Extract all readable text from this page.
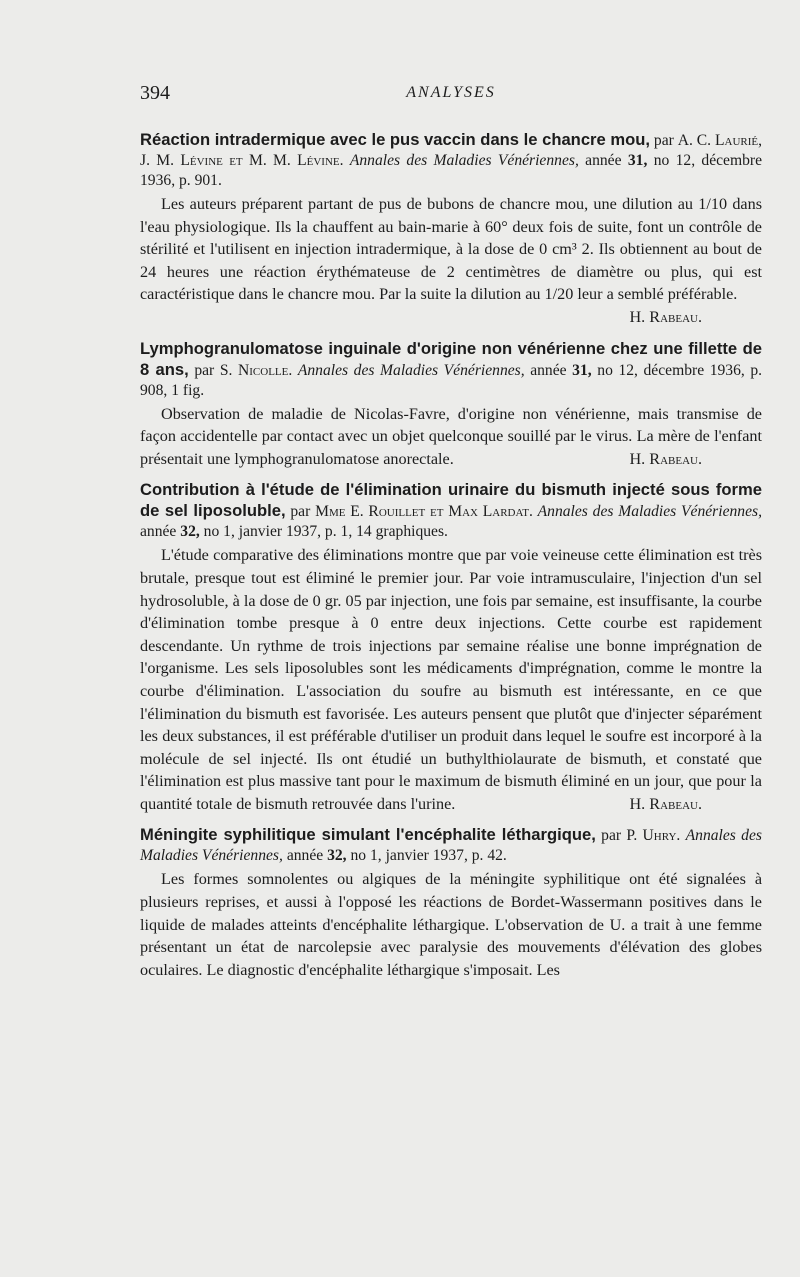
394	ANALYSES

Réaction intradermique avec le pus vaccin dans le chancre mou, par A. C. Laurié, J. M. Lévine et M. M. Lévine. Annales des Maladies Vénériennes, année 31, no 12, décembre 1936, p. 901.

Les auteurs préparent partant de pus de bubons de chancre mou, une dilution au 1/10 dans l'eau physiologique. Ils la chauffent au bain-marie à 60° deux fois de suite, font un contrôle de stérilité et l'utilisent en injection intradermique, à la dose de 0 cm³ 2. Ils obtiennent au bout de 24 heures une réaction érythémateuse de 2 centimètres de diamètre ou plus, qui est caractéristique dans le chancre mou. Par la suite la dilution au 1/20 leur a semblé préférable.
H. Rabeau.

Lymphogranulomatose inguinale d'origine non vénérienne chez une fillette de 8 ans, par S. Nicolle. Annales des Maladies Vénériennes, année 31, no 12, décembre 1936, p. 908, 1 fig.

Observation de maladie de Nicolas-Favre, d'origine non vénérienne, mais transmise de façon accidentelle par contact avec un objet quelconque souillé par le virus. La mère de l'enfant présentait une lymphogranulomatose anorectale.	H. Rabeau.

Contribution à l'étude de l'élimination urinaire du bismuth injecté sous forme de sel liposoluble, par Mme E. Rouillet et Max Lardat. Annales des Maladies Vénériennes, année 32, no 1, janvier 1937, p. 1, 14 graphiques.

L'étude comparative des éliminations montre que par voie veineuse cette élimination est très brutale, presque tout est éliminé le premier jour. Par voie intramusculaire, l'injection d'un sel hydrosoluble, à la dose de 0 gr. 05 par injection, une fois par semaine, est insuffisante, la courbe d'élimination tombe presque à 0 entre deux injections. Cette courbe est rapidement descendante. Un rythme de trois injections par semaine réalise une bonne imprégnation de l'organisme. Les sels liposolubles sont les médicaments d'imprégnation, comme le montre la courbe d'élimination. L'association du soufre au bismuth est intéressante, en ce que l'élimination du bismuth est favorisée. Les auteurs pensent que plutôt que d'injecter séparément les deux substances, il est préférable d'utiliser un produit dans lequel le soufre est incorporé à la molécule de sel injecté. Ils ont étudié un buthylthiolaurate de bismuth, et constaté que l'élimination est plus massive tant pour le maximum de bismuth éliminé en un jour, que pour la quantité totale de bismuth retrouvée dans l'urine.	H. Rabeau.

Méningite syphilitique simulant l'encéphalite léthargique, par P. Uhry. Annales des Maladies Vénériennes, année 32, no 1, janvier 1937, p. 42.

Les formes somnolentes ou algiques de la méningite syphilitique ont été signalées à plusieurs reprises, et aussi à l'opposé les réactions de Bordet-Wassermann positives dans le liquide de malades atteints d'encéphalite léthargique. L'observation de U. a trait à une femme présentant un état de narcolepsie avec paralysie des mouvements d'élévation des globes oculaires. Le diagnostic d'encéphalite léthargique s'imposait. Les
